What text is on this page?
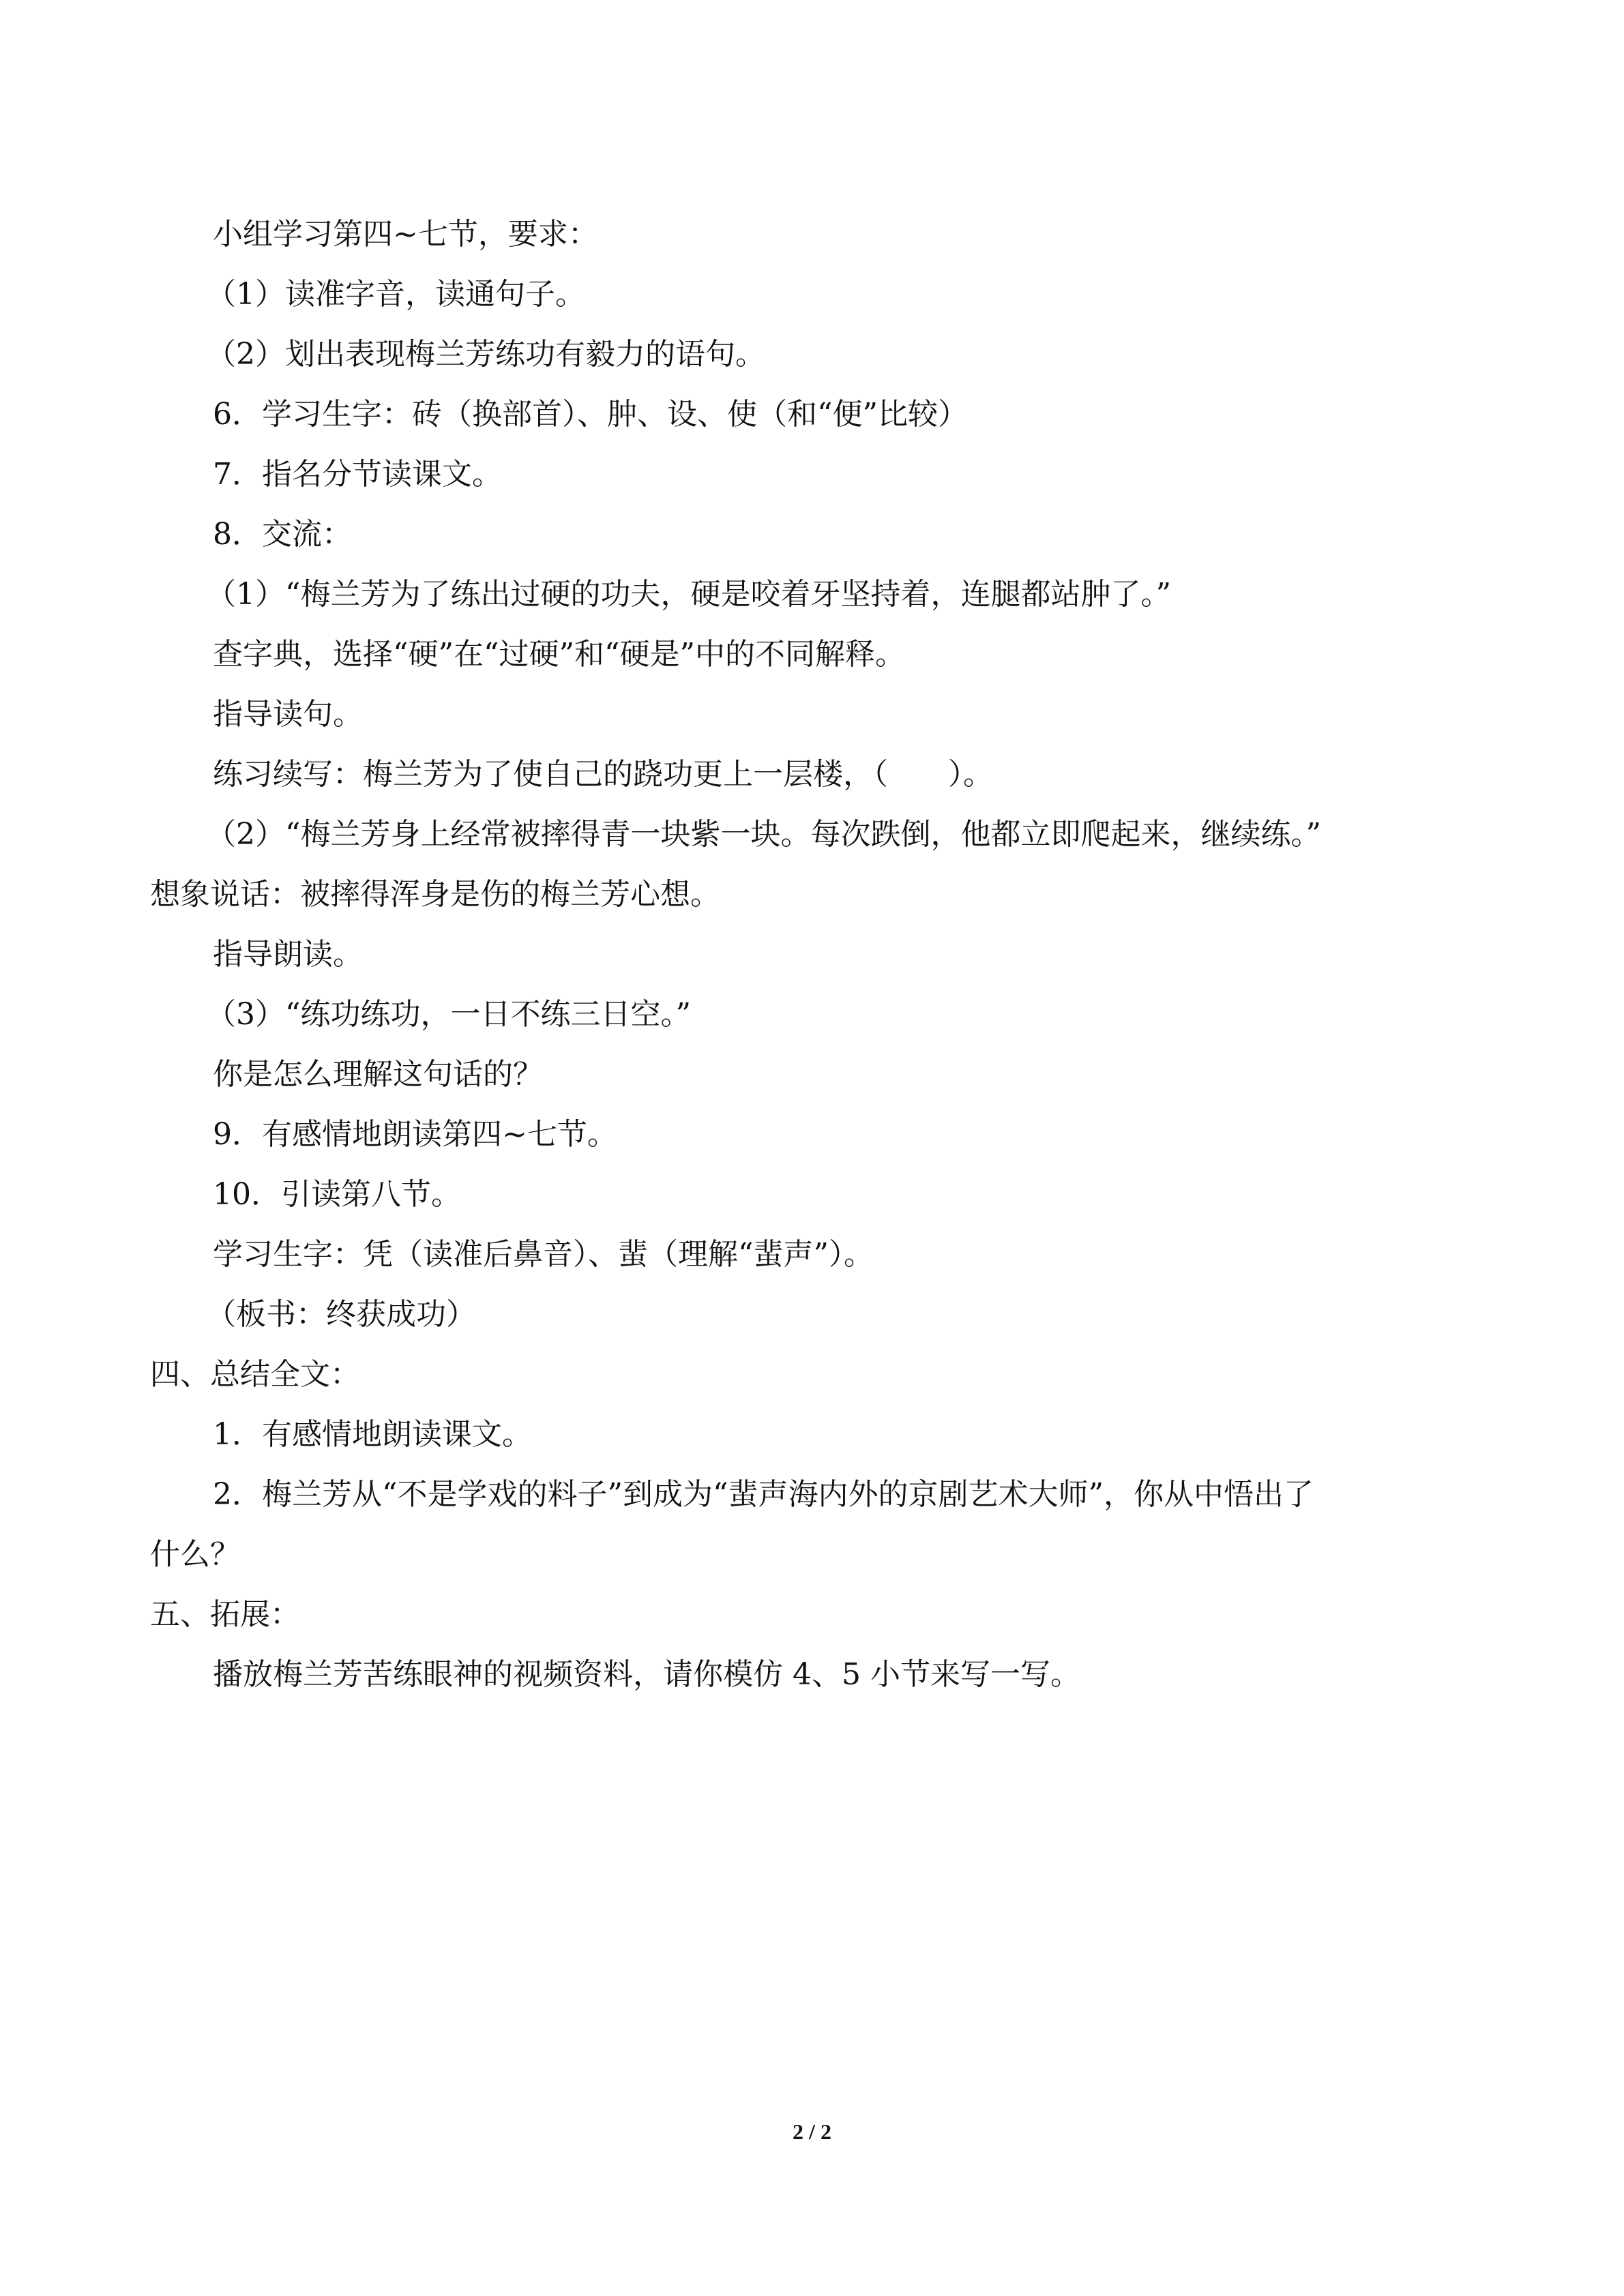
小组学习第四~七节，要求：
（1）读准字音，读通句子。
（2）划出表现梅兰芳练功有毅力的语句。
6．学习生字：砖（换部首）、肿、设、使（和“便”比较）
7．指名分节读课文。
8．交流：
（1）“梅兰芳为了练出过硬的功夫，硬是咬着牙坚持着，连腿都站肿了。”
查字典，选择“硬”在“过硬”和“硬是”中的不同解释。
指导读句。
练习续写：梅兰芳为了使自己的跷功更上一层楼，（　　）。
（2）“梅兰芳身上经常被摔得青一块紫一块。每次跌倒，他都立即爬起来，继续练。”
想象说话：被摔得浑身是伤的梅兰芳心想。
指导朗读。
（3）“练功练功，一日不练三日空。”
你是怎么理解这句话的？
9．有感情地朗读第四~七节。
10．引读第八节。
学习生字：凭（读准后鼻音）、蜚（理解“蜚声”）。
（板书：终获成功）
四、总结全文：
1．有感情地朗读课文。
2．梅兰芳从“不是学戏的料子”到成为“蜚声海内外的京剧艺术大师”，你从中悟出了
什么？
五、拓展：
播放梅兰芳苦练眼神的视频资料，请你模仿 4、5 小节来写一写。
2 / 2
